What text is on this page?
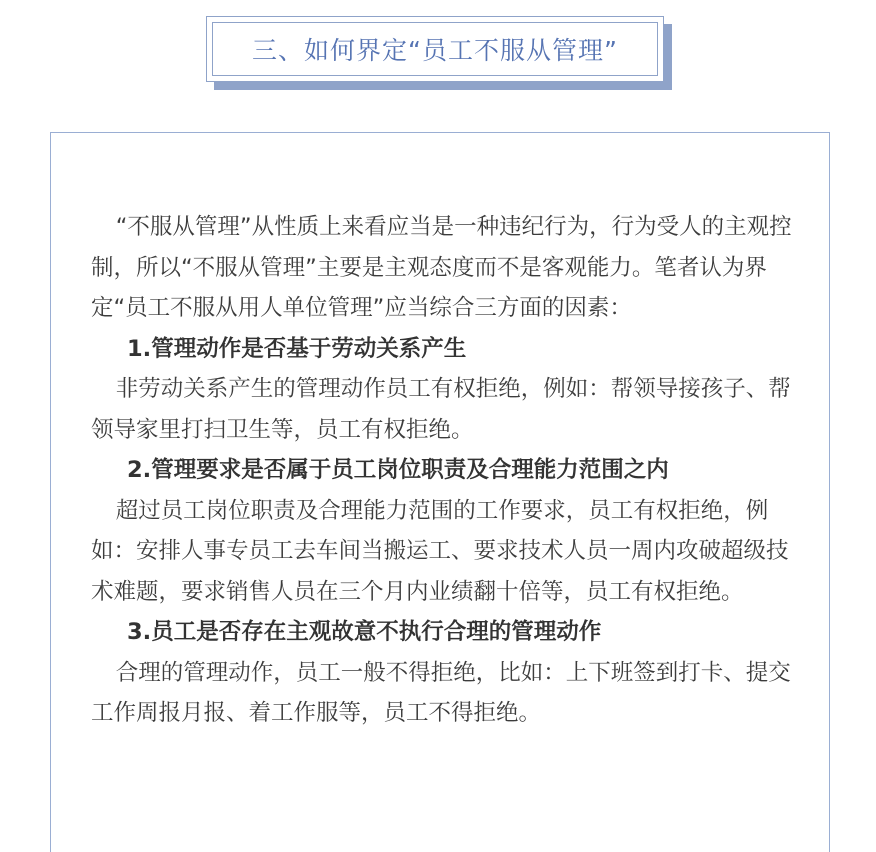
三、如何界定“员工不服从管理”

“不服从管理”从性质上来看应当是一种违纪行为，行为受人的主观控制，所以“不服从管理”主要是主观态度而不是客观能力。笔者认为界定“员工不服从用人单位管理”应当综合三方面的因素：

1.管理动作是否基于劳动关系产生

非劳动关系产生的管理动作员工有权拒绝，例如：帮领导接孩子、帮领导家里打扫卫生等，员工有权拒绝。

2.管理要求是否属于员工岗位职责及合理能力范围之内

超过员工岗位职责及合理能力范围的工作要求，员工有权拒绝，例如：安排人事专员工去车间当搬运工、要求技术人员一周内攻破超级技术难题，要求销售人员在三个月内业绩翻十倍等，员工有权拒绝。

3.员工是否存在主观故意不执行合理的管理动作

合理的管理动作，员工一般不得拒绝，比如：上下班签到打卡、提交工作周报月报、着工作服等，员工不得拒绝。
